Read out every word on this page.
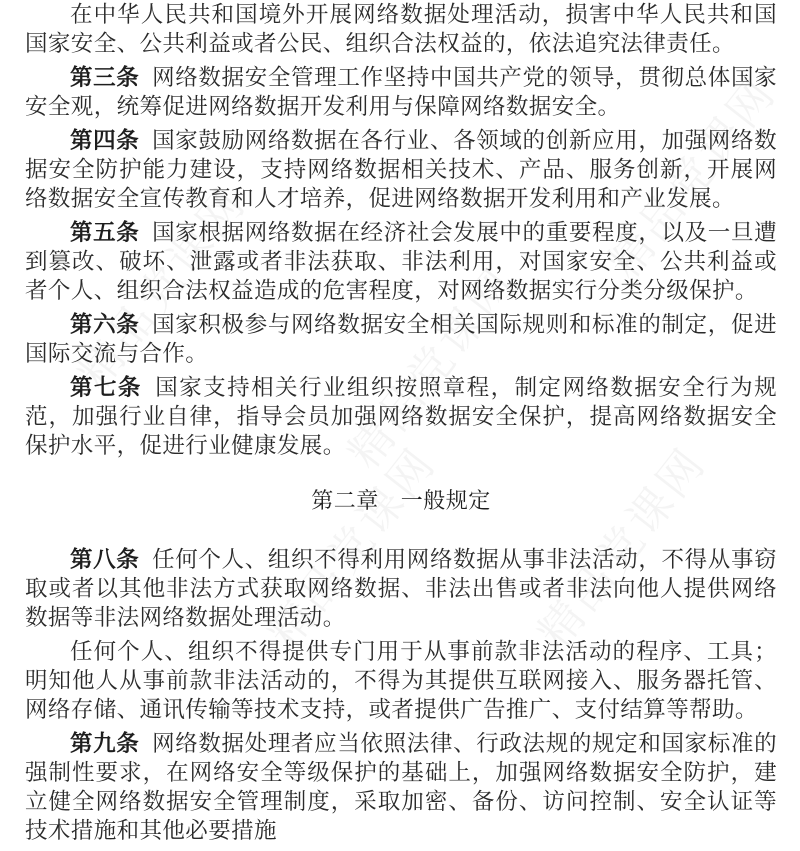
在中华人民共和国境外开展网络数据处理活动，损害中华人民共和国国家安全、公共利益或者公民、组织合法权益的，依法追究法律责任。

第三条 网络数据安全管理工作坚持中国共产党的领导，贯彻总体国家安全观，统筹促进网络数据开发利用与保障网络数据安全。

第四条 国家鼓励网络数据在各行业、各领域的创新应用，加强网络数据安全防护能力建设，支持网络数据相关技术、产品、服务创新，开展网络数据安全宣传教育和人才培养，促进网络数据开发利用和产业发展。

第五条 国家根据网络数据在经济社会发展中的重要程度，以及一旦遭到篡改、破坏、泄露或者非法获取、非法利用，对国家安全、公共利益或者个人、组织合法权益造成的危害程度，对网络数据实行分类分级保护。

第六条 国家积极参与网络数据安全相关国际规则和标准的制定，促进国际交流与合作。

第七条 国家支持相关行业组织按照章程，制定网络数据安全行为规范，加强行业自律，指导会员加强网络数据安全保护，提高网络数据安全保护水平，促进行业健康发展。

第二章 一般规定

第八条 任何个人、组织不得利用网络数据从事非法活动，不得从事窃取或者以其他非法方式获取网络数据、非法出售或者非法向他人提供网络数据等非法网络数据处理活动。

任何个人、组织不得提供专门用于从事前款非法活动的程序、工具；明知他人从事前款非法活动的，不得为其提供互联网接入、服务器托管、网络存储、通讯传输等技术支持，或者提供广告推广、支付结算等帮助。

第九条 网络数据处理者应当依照法律、行政法规的规定和国家标准的强制性要求，在网络安全等级保护的基础上，加强网络数据安全防护，建立健全网络数据安全管理制度，采取加密、备份、访问控制、安全认证等技术措施和其他必要措施
